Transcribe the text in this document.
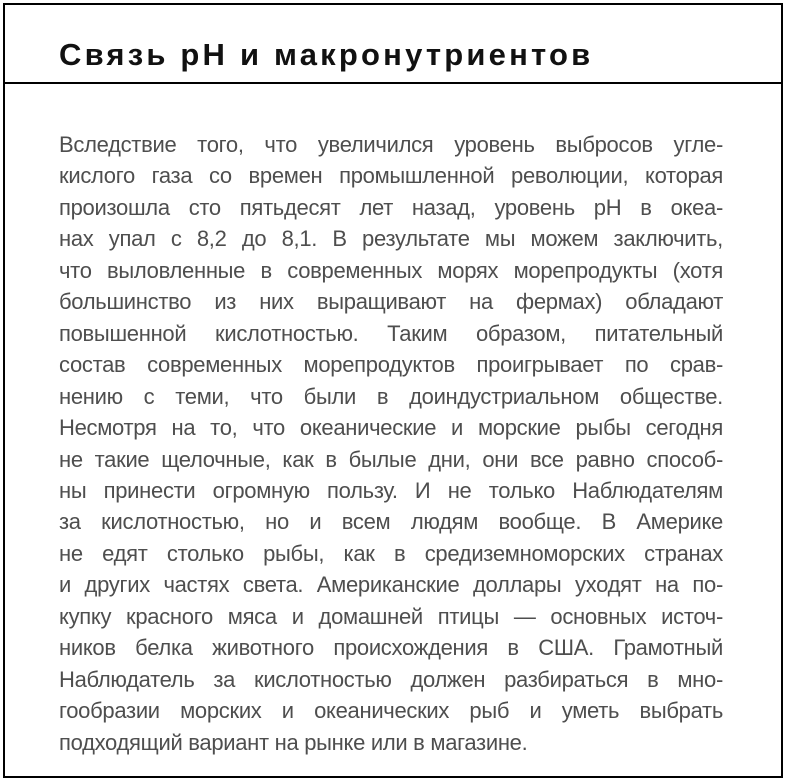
Связь pH и макронутриентов
Вследствие того, что увеличился уровень выбросов угле-
кислого газа со времен промышленной революции, которая
произошла сто пятьдесят лет назад, уровень pH в океа-
нах упал с 8,2 до 8,1. В результате мы можем заключить,
что выловленные в современных морях морепродукты (хотя
большинство из них выращивают на фермах) обладают
повышенной кислотностью. Таким образом, питательный
состав современных морепродуктов проигрывает по срав-
нению с теми, что были в доиндустриальном обществе.
Несмотря на то, что океанические и морские рыбы сегодня
не такие щелочные, как в былые дни, они все равно способ-
ны принести огромную пользу. И не только Наблюдателям
за кислотностью, но и всем людям вообще. В Америке
не едят столько рыбы, как в средиземноморских странах
и других частях света. Американские доллары уходят на по-
купку красного мяса и домашней птицы — основных источ-
ников белка животного происхождения в США. Грамотный
Наблюдатель за кислотностью должен разбираться в мно-
гообразии морских и океанических рыб и уметь выбрать
подходящий вариант на рынке или в магазине.
